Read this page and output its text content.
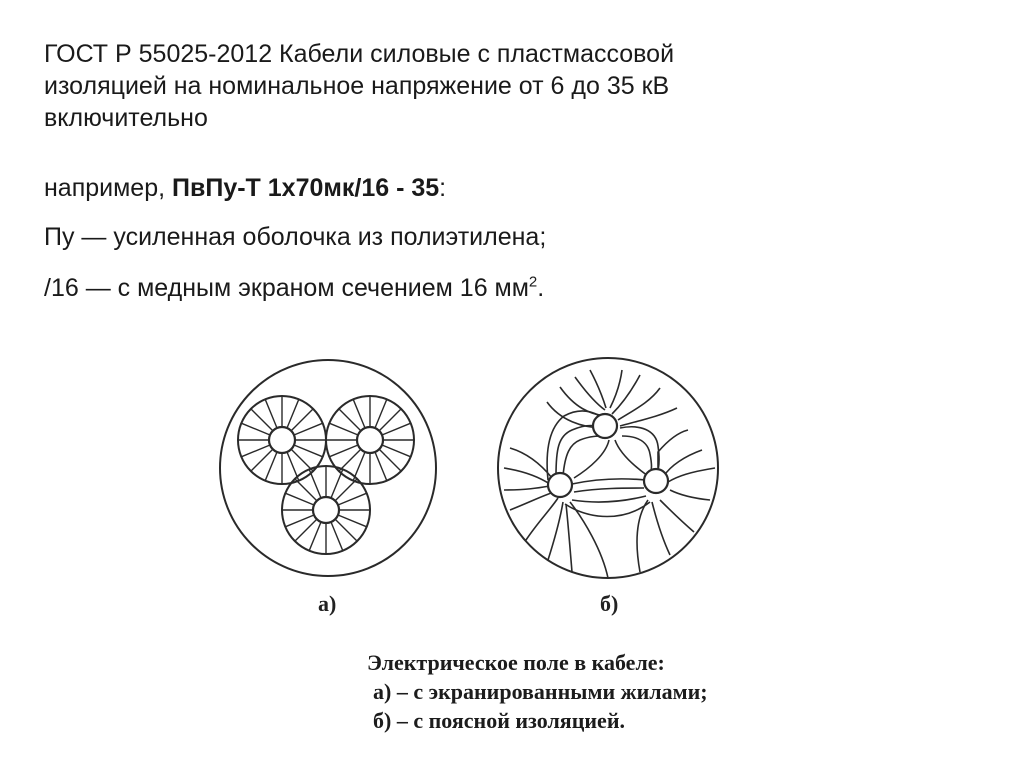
ГОСТ Р 55025-2012 Кабели силовые с пластмассовой
изоляцией на номинальное напряжение от 6 до 35 кВ
включительно
например, ПвПу-Т 1х70мк/16 - 35:
Пу — усиленная оболочка из полиэтилена;
/16 — с медным экраном сечением 16 $мм^2$.
а)	б)
Электрическое поле в кабеле:
а) – с экранированными жилами;
б) – с поясной изоляцией.
